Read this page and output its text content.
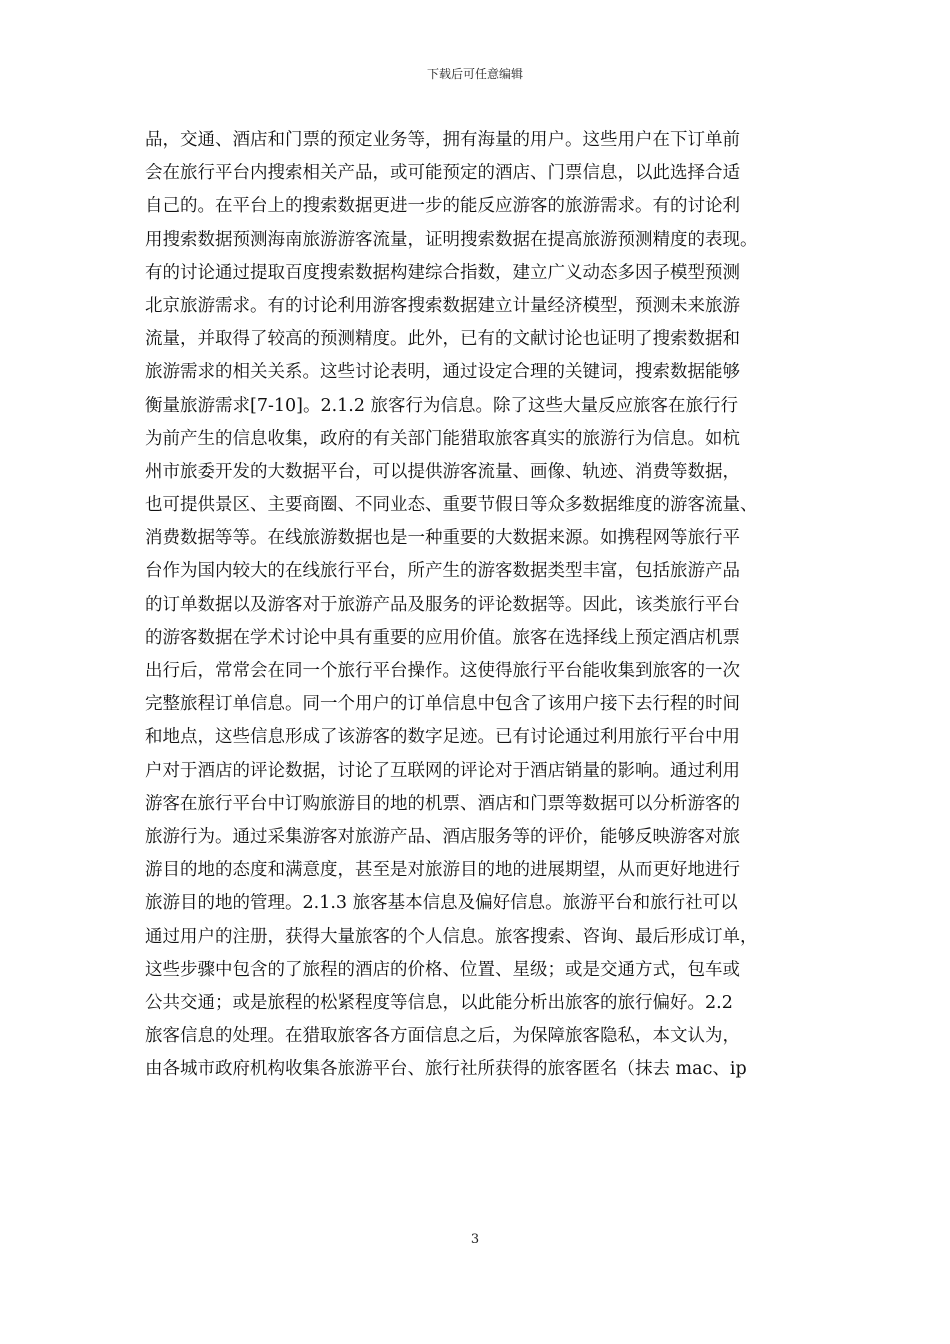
下载后可任意编辑
品，交通、酒店和门票的预定业务等，拥有海量的用户。这些用户在下订单前
会在旅行平台内搜索相关产品，或可能预定的酒店、门票信息，以此选择合适
自己的。在平台上的搜索数据更进一步的能反应游客的旅游需求。有的讨论利
用搜索数据预测海南旅游游客流量，证明搜索数据在提高旅游预测精度的表现。
有的讨论通过提取百度搜索数据构建综合指数，建立广义动态多因子模型预测
北京旅游需求。有的讨论利用游客搜索数据建立计量经济模型，预测未来旅游
流量，并取得了较高的预测精度。此外，已有的文献讨论也证明了搜索数据和
旅游需求的相关关系。这些讨论表明，通过设定合理的关键词，搜索数据能够
衡量旅游需求[7-10]。2.1.2 旅客行为信息。除了这些大量反应旅客在旅行行
为前产生的信息收集，政府的有关部门能猎取旅客真实的旅游行为信息。如杭
州市旅委开发的大数据平台，可以提供游客流量、画像、轨迹、消费等数据，
也可提供景区、主要商圈、不同业态、重要节假日等众多数据维度的游客流量、
消费数据等等。在线旅游数据也是一种重要的大数据来源。如携程网等旅行平
台作为国内较大的在线旅行平台，所产生的游客数据类型丰富，包括旅游产品
的订单数据以及游客对于旅游产品及服务的评论数据等。因此，该类旅行平台
的游客数据在学术讨论中具有重要的应用价值。旅客在选择线上预定酒店机票
出行后，常常会在同一个旅行平台操作。这使得旅行平台能收集到旅客的一次
完整旅程订单信息。同一个用户的订单信息中包含了该用户接下去行程的时间
和地点，这些信息形成了该游客的数字足迹。已有讨论通过利用旅行平台中用
户对于酒店的评论数据，讨论了互联网的评论对于酒店销量的影响。通过利用
游客在旅行平台中订购旅游目的地的机票、酒店和门票等数据可以分析游客的
旅游行为。通过采集游客对旅游产品、酒店服务等的评价，能够反映游客对旅
游目的地的态度和满意度，甚至是对旅游目的地的进展期望，从而更好地进行
旅游目的地的管理。2.1.3 旅客基本信息及偏好信息。旅游平台和旅行社可以
通过用户的注册，获得大量旅客的个人信息。旅客搜索、咨询、最后形成订单，
这些步骤中包含的了旅程的酒店的价格、位置、星级；或是交通方式，包车或
公共交通；或是旅程的松紧程度等信息，以此能分析出旅客的旅行偏好。2.2
旅客信息的处理。在猎取旅客各方面信息之后，为保障旅客隐私，本文认为，
由各城市政府机构收集各旅游平台、旅行社所获得的旅客匿名（抹去 mac、ip
3
